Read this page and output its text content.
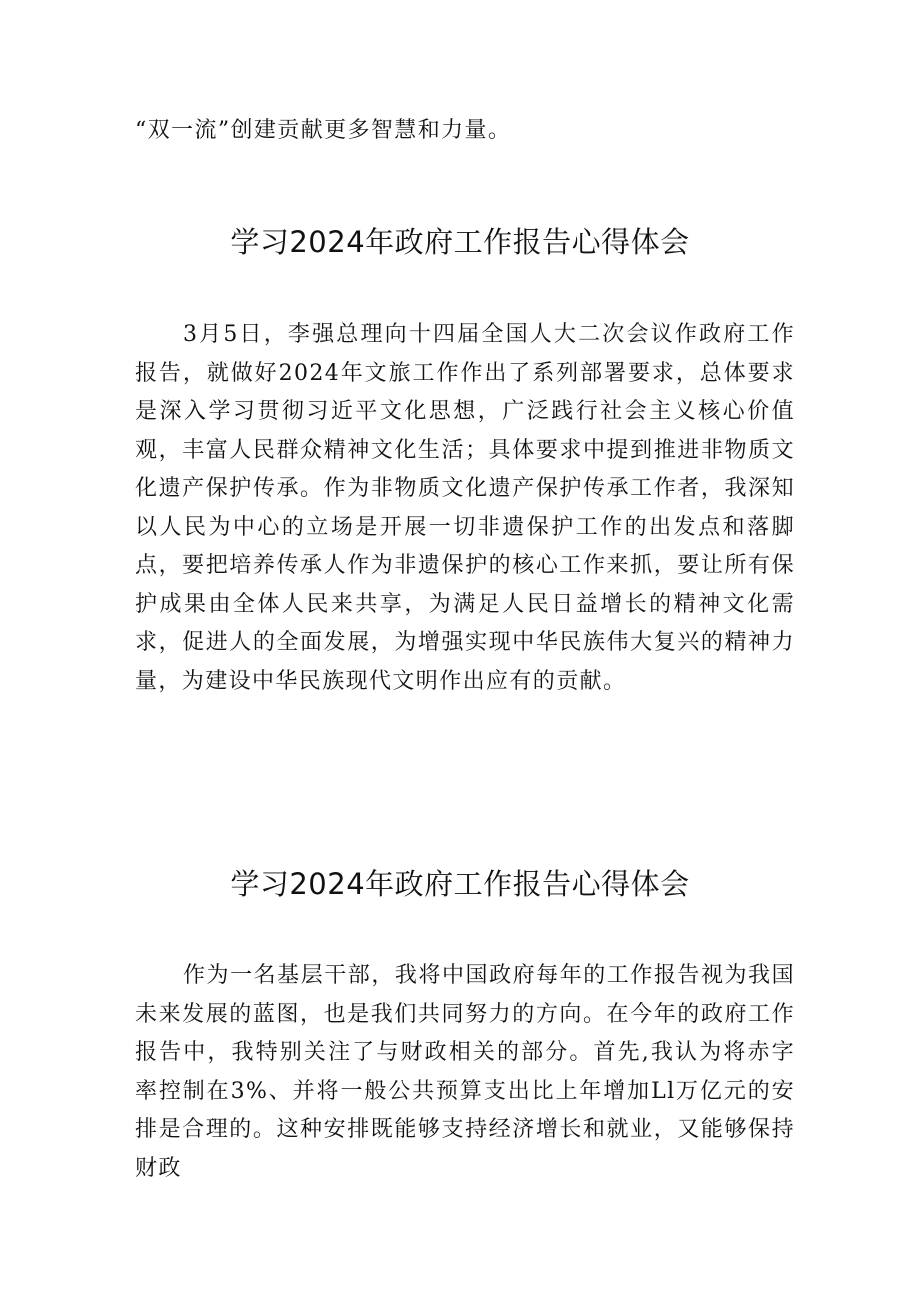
“双一流”创建贡献更多智慧和力量。

学习2024年政府工作报告心得体会

3月5日，李强总理向十四届全国人大二次会议作政府工作报告，就做好2024年文旅工作作出了系列部署要求，总体要求是深入学习贯彻习近平文化思想，广泛践行社会主义核心价值观，丰富人民群众精神文化生活；具体要求中提到推进非物质文化遗产保护传承。作为非物质文化遗产保护传承工作者，我深知以人民为中心的立场是开展一切非遗保护工作的出发点和落脚点，要把培养传承人作为非遗保护的核心工作来抓，要让所有保护成果由全体人民来共享，为满足人民日益增长的精神文化需求，促进人的全面发展，为增强实现中华民族伟大复兴的精神力量，为建设中华民族现代文明作出应有的贡献。

学习2024年政府工作报告心得体会

作为一名基层干部，我将中国政府每年的工作报告视为我国未来发展的蓝图，也是我们共同努力的方向。在今年的政府工作报告中，我特别关注了与财政相关的部分。首先,我认为将赤字率控制在3%、并将一般公共预算支出比上年增加Ll万亿元的安排是合理的。这种安排既能够支持经济增长和就业，又能够保持财政
